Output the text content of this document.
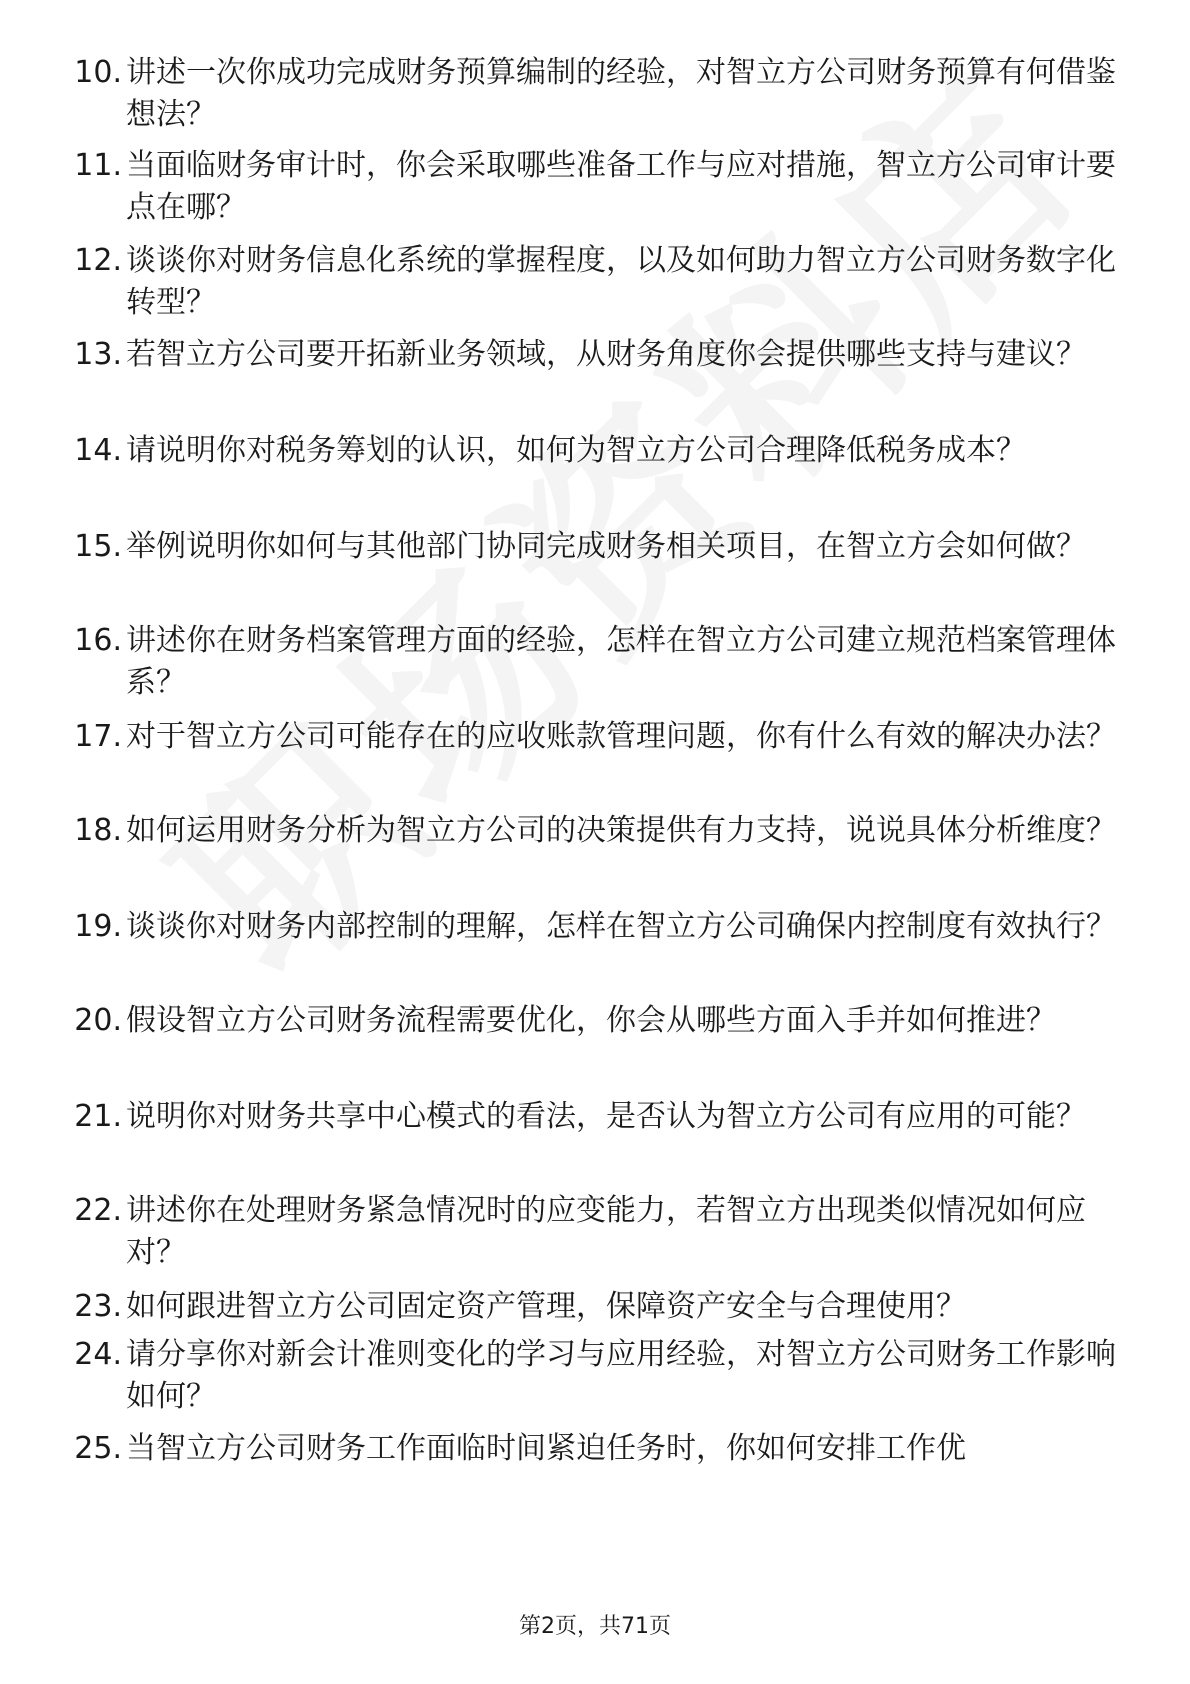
10. 讲述一次你成功完成财务预算编制的经验，对智立方公司财务预算有何借鉴想法？
11. 当面临财务审计时，你会采取哪些准备工作与应对措施，智立方公司审计要点在哪？
12. 谈谈你对财务信息化系统的掌握程度，以及如何助力智立方公司财务数字化转型？
13. 若智立方公司要开拓新业务领域，从财务角度你会提供哪些支持与建议？
14. 请说明你对税务筹划的认识，如何为智立方公司合理降低税务成本？
15. 举例说明你如何与其他部门协同完成财务相关项目，在智立方会如何做？
16. 讲述你在财务档案管理方面的经验，怎样在智立方公司建立规范档案管理体系？
17. 对于智立方公司可能存在的应收账款管理问题，你有什么有效的解决办法？
18. 如何运用财务分析为智立方公司的决策提供有力支持，说说具体分析维度？
19. 谈谈你对财务内部控制的理解，怎样在智立方公司确保内控制度有效执行？
20. 假设智立方公司财务流程需要优化，你会从哪些方面入手并如何推进？
21. 说明你对财务共享中心模式的看法，是否认为智立方公司有应用的可能？
22. 讲述你在处理财务紧急情况时的应变能力，若智立方出现类似情况如何应对？
23. 如何跟进智立方公司固定资产管理，保障资产安全与合理使用？
24. 请分享你对新会计准则变化的学习与应用经验，对智立方公司财务工作影响如何？
25. 当智立方公司财务工作面临时间紧迫任务时，你如何安排工作优
第2页，共71页
